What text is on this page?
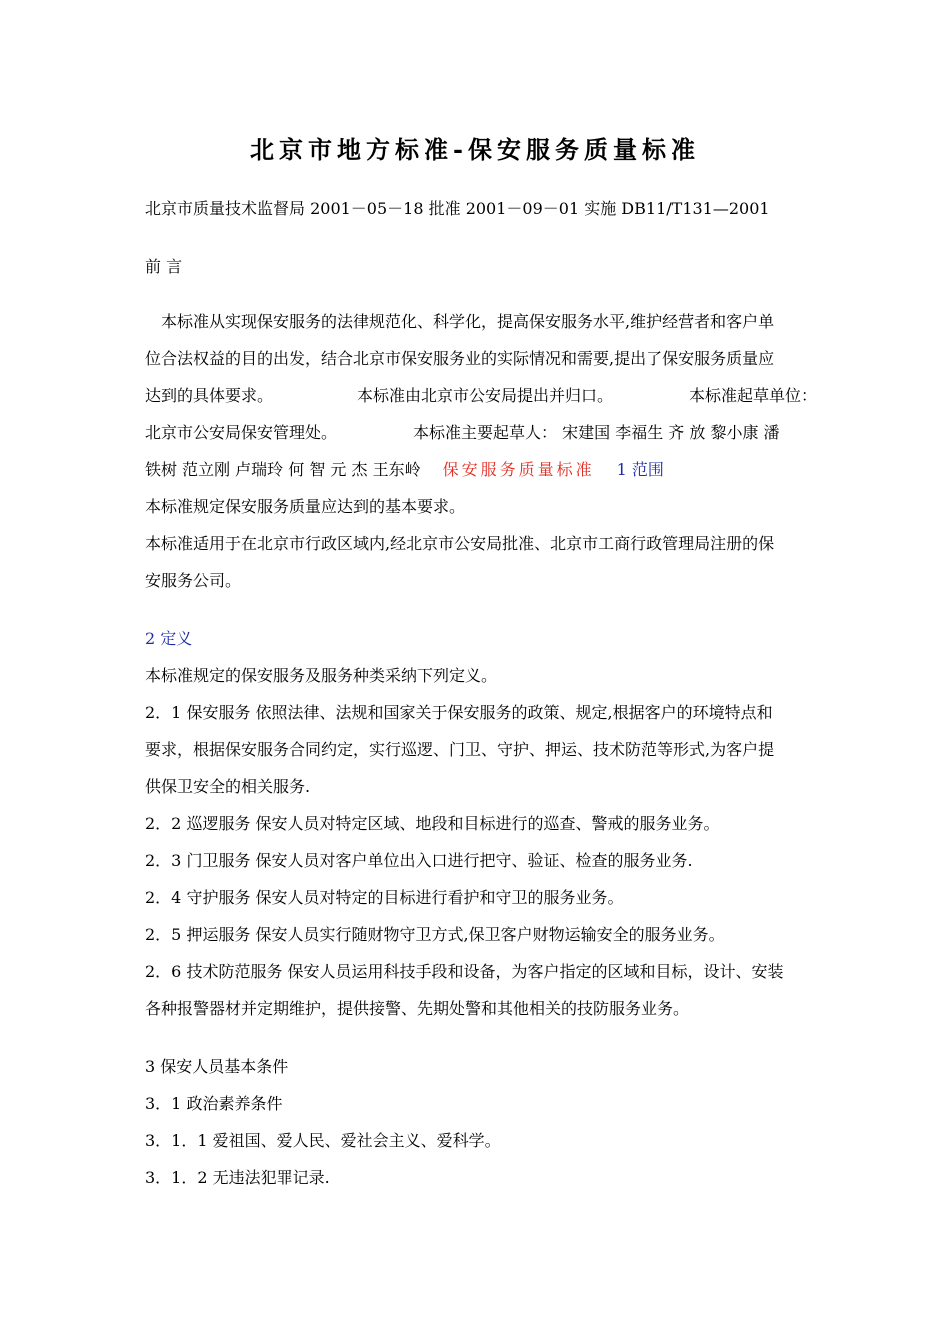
北京市地方标准-保安服务质量标准
北京市质量技术监督局 2001－05－18 批准 2001－09－01 实施 DB11/T131—2001
前 言
本标准从实现保安服务的法律规范化、科学化，提高保安服务水平,维护经营者和客户单
位合法权益的目的出发，结合北京市保安服务业的实际情况和需要,提出了保安服务质量应
达到的具体要求。	本标准由北京市公安局提出并归口。	本标准起草单位：
北京市公安局保安管理处。	本标准主要起草人： 宋建国 李福生 齐 放 黎小康 潘
铁树 范立刚 卢瑞玲 何 智 元 杰 王东岭 保安服务质量标准 1 范围
本标准规定保安服务质量应达到的基本要求。
本标准适用于在北京市行政区域内,经北京市公安局批准、北京市工商行政管理局注册的保
安服务公司。
2 定义
本标准规定的保安服务及服务种类采纳下列定义。
2．1 保安服务 依照法律、法规和国家关于保安服务的政策、规定,根据客户的环境特点和
要求，根据保安服务合同约定，实行巡逻、门卫、守护、押运、技术防范等形式,为客户提
供保卫安全的相关服务.
2．2 巡逻服务 保安人员对特定区域、地段和目标进行的巡查、警戒的服务业务。
2．3 门卫服务 保安人员对客户单位出入口进行把守、验证、检查的服务业务.
2．4 守护服务 保安人员对特定的目标进行看护和守卫的服务业务。
2．5 押运服务 保安人员实行随财物守卫方式,保卫客户财物运输安全的服务业务。
2．6 技术防范服务 保安人员运用科技手段和设备，为客户指定的区域和目标，设计、安装
各种报警器材并定期维护，提供接警、先期处警和其他相关的技防服务业务。
3 保安人员基本条件
3．1 政治素养条件
3．1．1 爱祖国、爱人民、爱社会主义、爱科学。
3．1．2 无违法犯罪记录.
